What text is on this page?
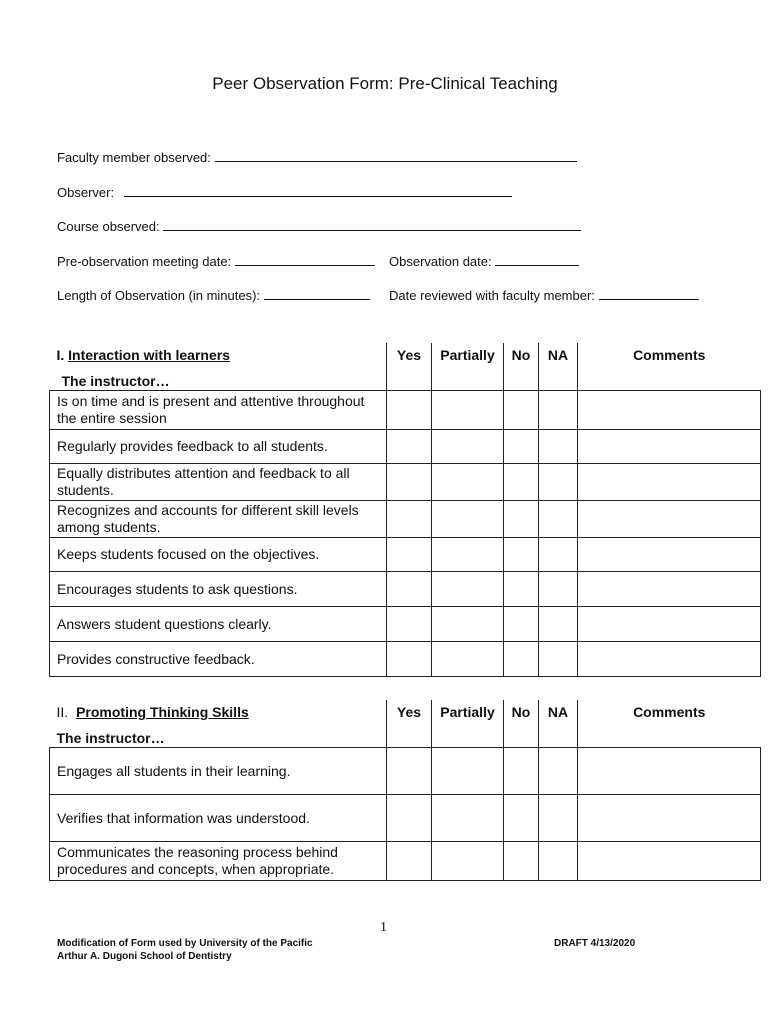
Peer Observation Form: Pre-Clinical Teaching
Faculty member observed:
Observer:
Course observed:
Pre-observation meeting date:	Observation date:
Length of Observation (in minutes):	Date reviewed with faculty member:
I. Interaction with learners
The instructor…	Yes	Partially	No	NA	Comments
Is on time and is present and attentive throughout the entire session					
Regularly provides feedback to all students.					
Equally distributes attention and feedback to all students.					
Recognizes and accounts for different skill levels among students.					
Keeps students focused on the objectives.					
Encourages students to ask questions.					
Answers student questions clearly.					
Provides constructive feedback.					
II. Promoting Thinking Skills
The instructor…	Yes	Partially	No	NA	Comments
Engages all students in their learning.					
Verifies that information was understood.					
Communicates the reasoning process behind procedures and concepts, when appropriate.					
1
Modification of Form used by University of the Pacific
Arthur A. Dugoni School of Dentistry
DRAFT 4/13/2020
